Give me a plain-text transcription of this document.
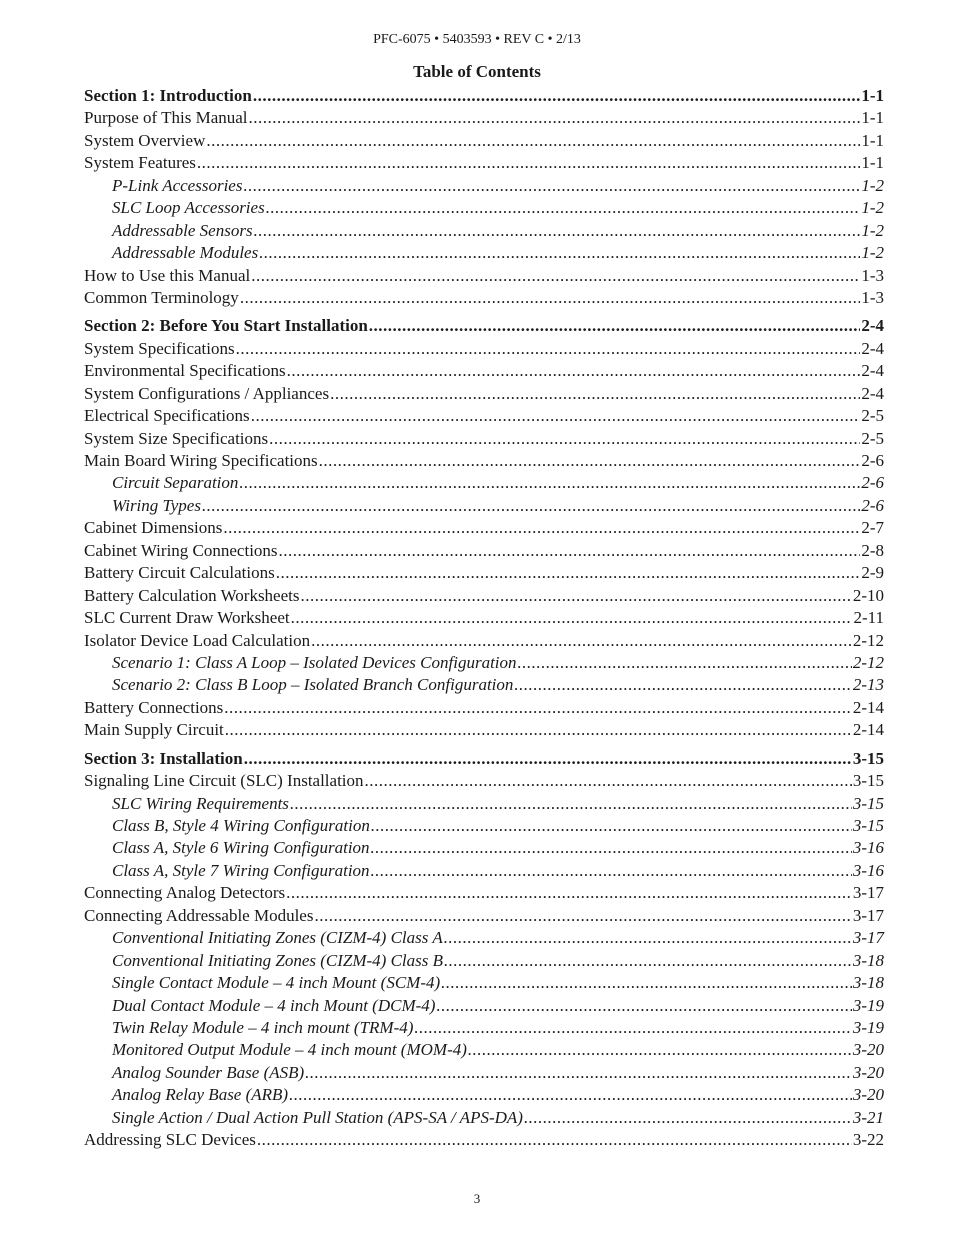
PFC-6075 • 5403593 • REV C • 2/13
Table of Contents
Section 1: Introduction .....	1-1
Purpose of This Manual .....	1-1
System Overview .....	1-1
System Features .....	1-1
P-Link Accessories .....	1-2
SLC Loop Accessories .....	1-2
Addressable Sensors .....	1-2
Addressable Modules .....	1-2
How to Use this Manual .....	1-3
Common Terminology .....	1-3
Section 2: Before You Start Installation .....	2-4
System Specifications .....	2-4
Environmental Specifications .....	2-4
System Configurations / Appliances .....	2-4
Electrical Specifications .....	2-5
System Size Specifications .....	2-5
Main Board Wiring Specifications .....	2-6
Circuit Separation .....	2-6
Wiring Types .....	2-6
Cabinet Dimensions .....	2-7
Cabinet Wiring Connections .....	2-8
Battery Circuit Calculations .....	2-9
Battery Calculation Worksheets .....	2-10
SLC Current Draw Worksheet .....	2-11
Isolator Device Load Calculation .....	2-12
Scenario 1: Class A Loop – Isolated Devices Configuration .....	2-12
Scenario 2: Class B Loop – Isolated Branch Configuration .....	2-13
Battery Connections .....	2-14
Main Supply Circuit .....	2-14
Section 3: Installation .....	3-15
Signaling Line Circuit (SLC) Installation .....	3-15
SLC Wiring Requirements .....	3-15
Class B, Style 4 Wiring Configuration .....	3-15
Class A, Style 6 Wiring Configuration .....	3-16
Class A, Style 7 Wiring Configuration .....	3-16
Connecting Analog Detectors .....	3-17
Connecting Addressable Modules .....	3-17
Conventional Initiating Zones (CIZM-4) Class A .....	3-17
Conventional Initiating Zones (CIZM-4) Class B .....	3-18
Single Contact Module – 4 inch Mount (SCM-4) .....	3-18
Dual Contact Module – 4 inch Mount (DCM-4) .....	3-19
Twin Relay Module – 4 inch mount (TRM-4) .....	3-19
Monitored Output Module – 4 inch mount (MOM-4) .....	3-20
Analog Sounder Base (ASB) .....	3-20
Analog Relay Base (ARB) .....	3-20
Single Action / Dual Action Pull Station (APS-SA / APS-DA) .....	3-21
Addressing SLC Devices .....	3-22
3
